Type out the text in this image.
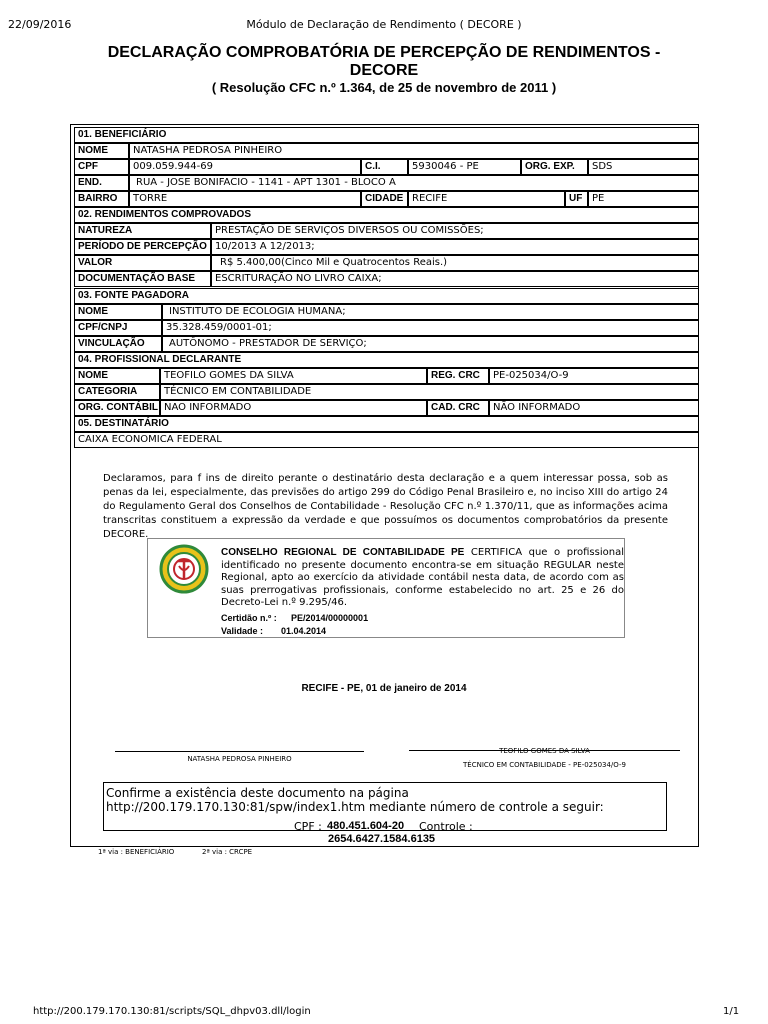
22/09/2016	Módulo de Declaração de Rendimento ( DECORE )
DECLARAÇÃO COMPROBATÓRIA DE PERCEPÇÃO DE RENDIMENTOS -
DECORE
( Resolução CFC n.º 1.364, de 25 de novembro de 2011 )
01. BENEFICIÁRIO
NOME	NATASHA PEDROSA PINHEIRO
CPF	009.059.944-69	C.I.	5930046 - PE	ORG. EXP.	SDS
END.	RUA - JOSE BONIFACIO - 1141 - APT 1301 - BLOCO A
BAIRRO	TORRE	CIDADE RECIFE	UF PE
02. RENDIMENTOS COMPROVADOS
NATUREZA	PRESTAÇÃO DE SERVIÇOS DIVERSOS OU COMISSÕES;
PERÍODO DE PERCEPÇÃO 10/2013 A 12/2013;
VALOR	R$ 5.400,00(Cinco Mil e Quatrocentos Reais.)
DOCUMENTAÇÃO BASE	ESCRITURAÇÃO NO LIVRO CAIXA;
03. FONTE PAGADORA
NOME	INSTITUTO DE ECOLOGIA HUMANA;
CPF/CNPJ	35.328.459/0001-01;
VINCULAÇÃO	AUTÔNOMO - PRESTADOR DE SERVIÇO;
04. PROFISSIONAL DECLARANTE
NOME	TEOFILO GOMES DA SILVA	REG. CRC	PE-025034/O-9
CATEGORIA	TÉCNICO EM CONTABILIDADE
ORG. CONTÁBIL NAO INFORMADO	CAD. CRC	NÃO INFORMADO
05. DESTINATÁRIO
CAIXA ECONOMICA FEDERAL
Declaramos, para f ins de direito perante o destinatário desta declaração e a quem interessar possa, sob as penas da lei, especialmente, das previsões do artigo 299 do Código Penal Brasileiro e, no inciso XIII do artigo 24 do Regulamento Geral dos Conselhos de Contabilidade - Resolução CFC n.º 1.370/11, que as informações acima transcritas constituem a expressão da verdade e que possuímos os documentos comprobatórios da presente DECORE.
CONSELHO REGIONAL DE CONTABILIDADE PE CERTIFICA que o profissional identificado no presente documento encontra-se em situação REGULAR neste Regional, apto ao exercício da atividade contábil nesta data, de acordo com as suas prerrogativas profissionais, conforme estabelecido no art. 25 e 26 do Decreto-Lei n.º 9.295/46.
Certidão n.º : PE/2014/00000001
Validade : 01.04.2014
RECIFE - PE, 01 de janeiro de 2014
NATASHA PEDROSA PINHEIRO
TEOFILO GOMES DA SILVA
TÉCNICO EM CONTABILIDADE - PE-025034/O-9
Confirme a existência deste documento na página http://200.179.170.130:81/spw/index1.htm mediante número de controle a seguir:
CPF : 480.451.604-20 Controle :
2654.6427.1584.6135
1ª via : BENEFICIÁRIO	2ª via : CRCPE
http://200.179.170.130:81/scripts/SQL_dhpv03.dll/login	1/1
